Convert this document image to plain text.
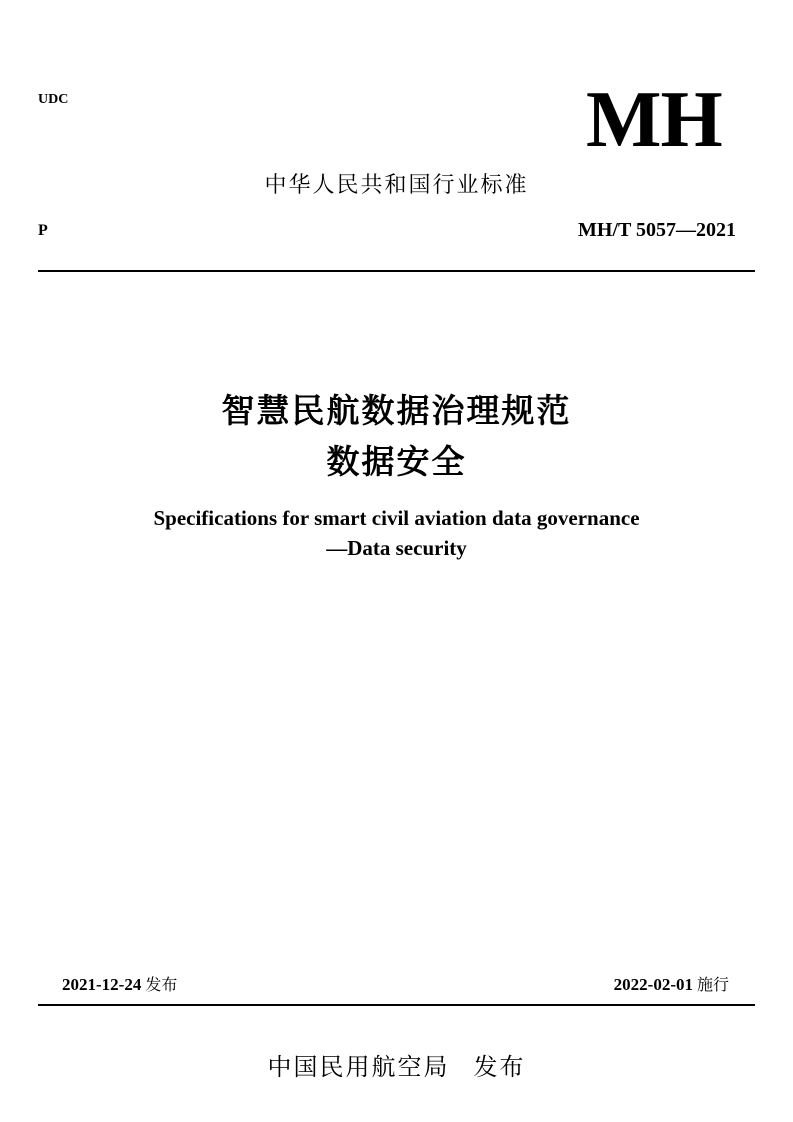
UDC	MH
中华人民共和国行业标准
P	MH/T 5057—2021
智慧民航数据治理规范
数据安全
Specifications for smart civil aviation data governance
—Data security
2021-12-24 发布	2022-02-01 施行
中国民用航空局 发布
